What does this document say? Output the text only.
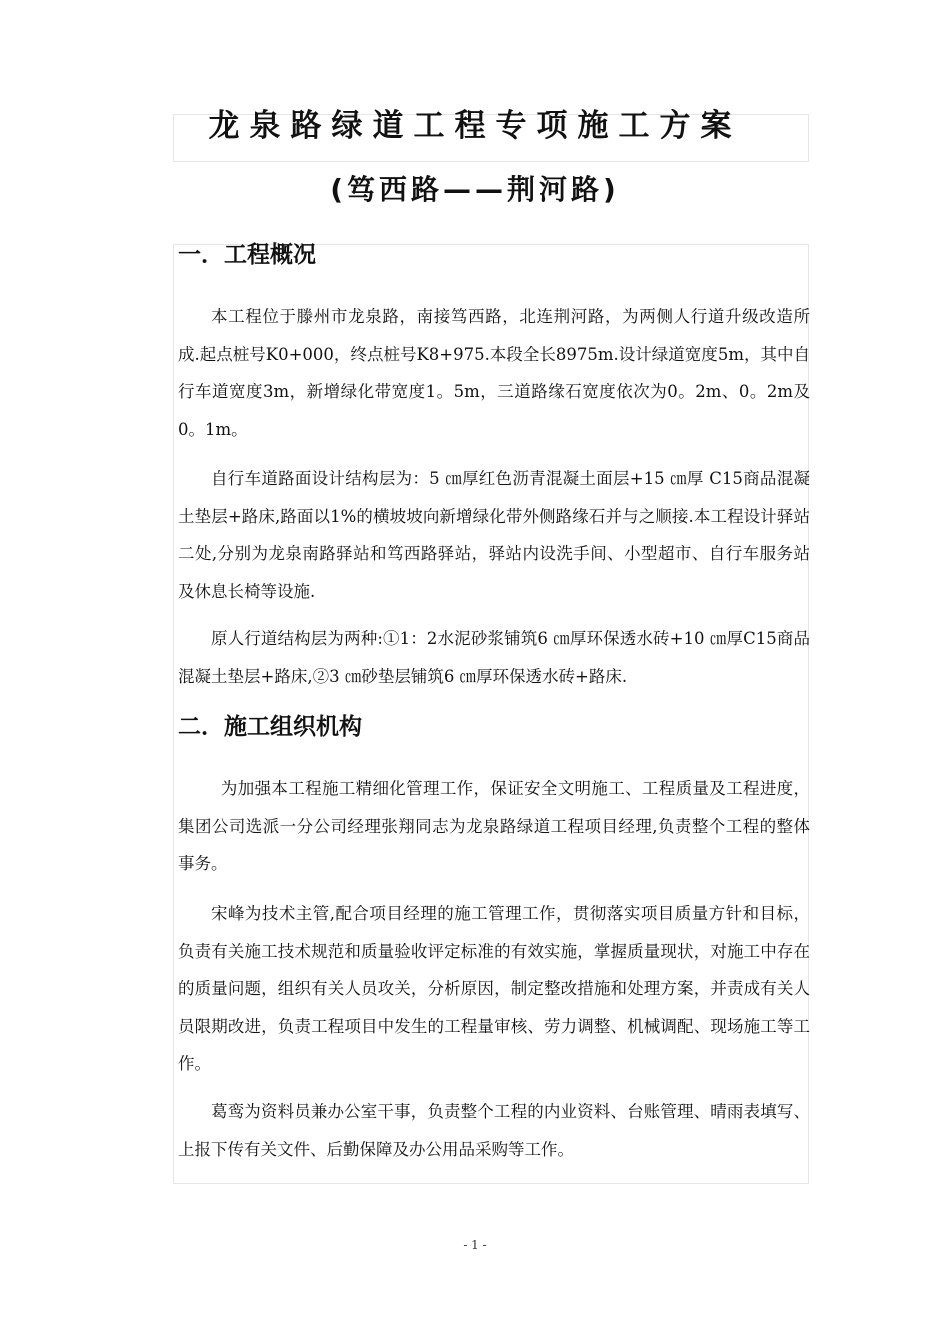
龙泉路绿道工程专项施工方案
(笃西路——荆河路)
一．工程概况

本工程位于滕州市龙泉路，南接笃西路，北连荆河路，为两侧人行道升级改造所成.起点桩号K0+000，终点桩号K8+975.本段全长8975m.设计绿道宽度5m，其中自行车道宽度3m，新增绿化带宽度1。5m，三道路缘石宽度依次为0。2m、0。2m及0。1m。

自行车道路面设计结构层为：5 ㎝厚红色沥青混凝土面层+15 ㎝厚 C15商品混凝土垫层+路床,路面以1%的横坡坡向新增绿化带外侧路缘石并与之顺接.本工程设计驿站二处,分别为龙泉南路驿站和笃西路驿站，驿站内设洗手间、小型超市、自行车服务站及休息长椅等设施.

原人行道结构层为两种:①1：2水泥砂浆铺筑6 ㎝厚环保透水砖+10 ㎝厚C15商品混凝土垫层+路床,②3 ㎝砂垫层铺筑6 ㎝厚环保透水砖+路床.

二．施工组织机构

为加强本工程施工精细化管理工作，保证安全文明施工、工程质量及工程进度，集团公司选派一分公司经理张翔同志为龙泉路绿道工程项目经理,负责整个工程的整体事务。

宋峰为技术主管,配合项目经理的施工管理工作，贯彻落实项目质量方针和目标，负责有关施工技术规范和质量验收评定标准的有效实施，掌握质量现状，对施工中存在的质量问题，组织有关人员攻关，分析原因，制定整改措施和处理方案，并责成有关人员限期改进，负责工程项目中发生的工程量审核、劳力调整、机械调配、现场施工等工作。

葛鸾为资料员兼办公室干事，负责整个工程的内业资料、台账管理、晴雨表填写、上报下传有关文件、后勤保障及办公用品采购等工作。

- 1 -
